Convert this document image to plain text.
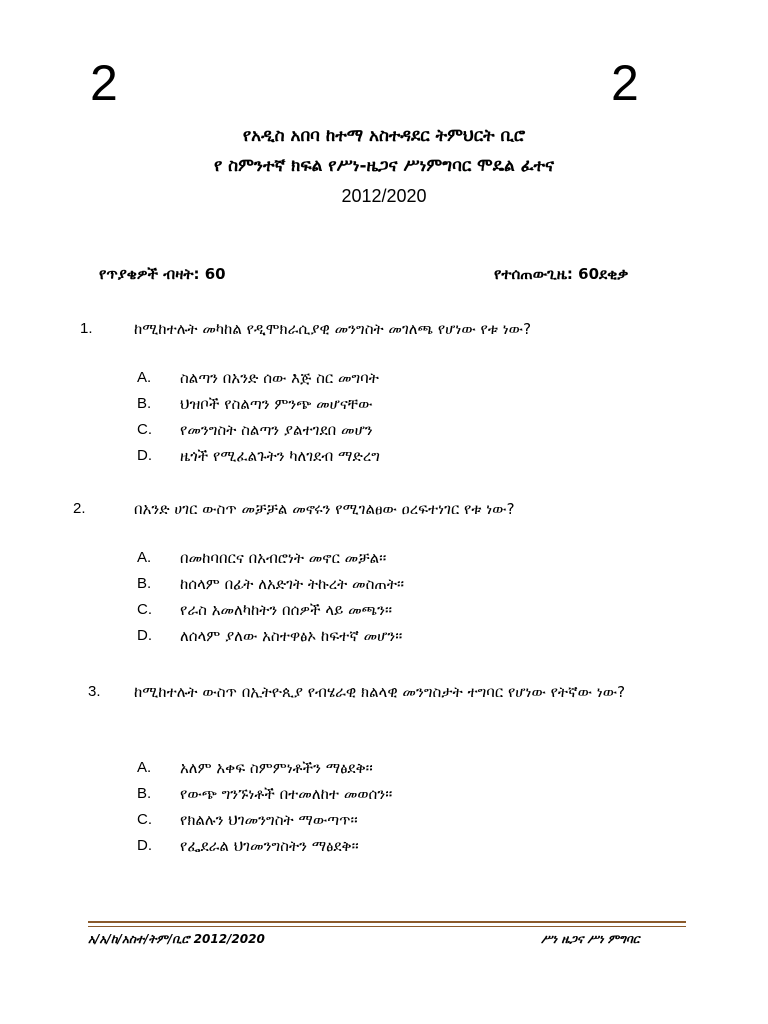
2	2
የአዲስ አበባ ከተማ አስተዳደር ትምህርት ቢሮ
የ ስምንተኛ ክፍል የሥነ-ዜጋና ሥነምግባር ሞዴል ፈተና
2012/2020
የጥያቄዎች ብዛት: 60	የተሰጠውጊዜ: 60ደቂቃ
1.	ከሚከተሉት መካከል የዲሞክራሲያዊ መንግስት መገለጫ የሆነው የቱ ነው?
A. ስልጣን በአንድ ሰው እጅ ስር መግባት
B. ህዝቦች የስልጣን ምንጭ መሆናቸው
C. የመንግስት ስልጣን ያልተገደበ መሆን
D. ዜጎች የሚፈልጉትን ካለገደብ ማድረግ
2.	በአንድ ሀገር ውስጥ መቻቻል መኖሩን የሚገልፀው ዐረፍተነገር የቱ ነው?
A. በመከባበርና በአብሮነት መኖር መቻል፡፡
B. ከሰላም በፊት ለአድገት ትኩረት መስጠት፡፡
C. የራስ አመለካከትን በሰዎች ላይ መጫን፡፡
D. ለሰላም ያለው አስተዋፅኦ ከፍተኛ መሆን፡፡
3. ከሚከተሉት ውስጥ በኢትዮጲያ የብሄራዊ ክልላዊ መንግስታት ተግባር የሆነው የትኛው ነው?
A. አለም አቀፍ ስምምነቶችን ማፅደቅ፡፡
B. የውጭ ግንኙነቶች በተመለከተ መወሰን፡፡
C. የክልሉን ህገመንግስት ማውጣጥ፡፡
D. የፌደራል ህገመንግስትን ማፅደቅ፡፡
አ/አ/ከ/አስተ/ትም/ቢሮ 2012/2020	ሥነ ዜጋና ሥነ ምግባር
